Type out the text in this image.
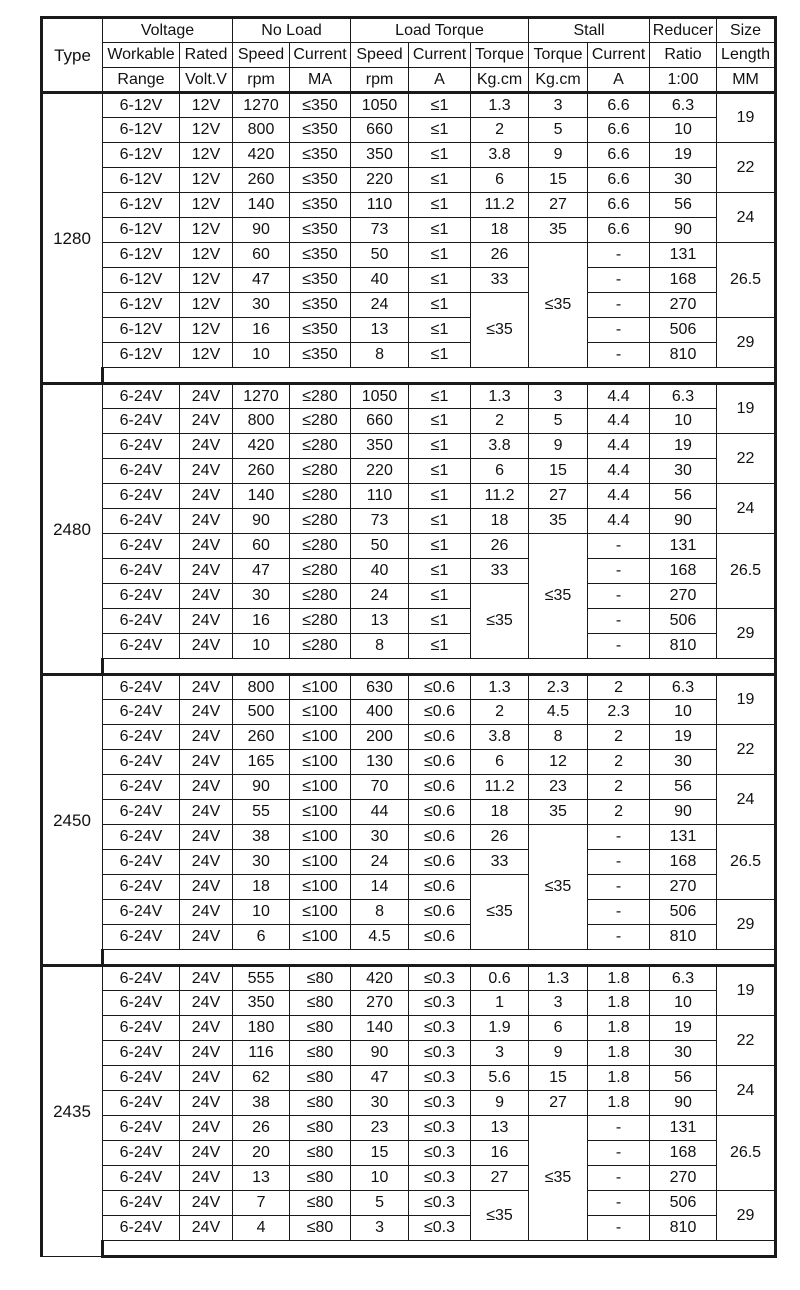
Type	Voltage		No Load		Load Torque			Stall		Reducer	Size
	Workable	Rated	Speed	Current	Speed	Current	Torque	Torque	Current	Ratio	Length
	Range	Volt.V	rpm	MA	rpm	A	Kg.cm	Kg.cm	A	1:00	MM
1280	6-12V	12V	1270	≤350	1050	≤1	1.3	3	6.6	6.3	19
	6-12V	12V	800	≤350	660	≤1	2	5	6.6	10	
	6-12V	12V	420	≤350	350	≤1	3.8	9	6.6	19	22
	6-12V	12V	260	≤350	220	≤1	6	15	6.6	30	
	6-12V	12V	140	≤350	110	≤1	11.2	27	6.6	56	24
	6-12V	12V	90	≤350	73	≤1	18	35	6.6	90	
	6-12V	12V	60	≤350	50	≤1	26	≤35	-	131	26.5
	6-12V	12V	47	≤350	40	≤1	33		-	168	
	6-12V	12V	30	≤350	24	≤1	≤35		-	270	
	6-12V	12V	16	≤350	13	≤1			-	506	29
	6-12V	12V	10	≤350	8	≤1			-	810	

2480	6-24V	24V	1270	≤280	1050	≤1	1.3	3	4.4	6.3	19
	6-24V	24V	800	≤280	660	≤1	2	5	4.4	10	
	6-24V	24V	420	≤280	350	≤1	3.8	9	4.4	19	22
	6-24V	24V	260	≤280	220	≤1	6	15	4.4	30	
	6-24V	24V	140	≤280	110	≤1	11.2	27	4.4	56	24
	6-24V	24V	90	≤280	73	≤1	18	35	4.4	90	
	6-24V	24V	60	≤280	50	≤1	26	≤35	-	131	26.5
	6-24V	24V	47	≤280	40	≤1	33		-	168	
	6-24V	24V	30	≤280	24	≤1	≤35		-	270	
	6-24V	24V	16	≤280	13	≤1			-	506	29
	6-24V	24V	10	≤280	8	≤1			-	810	

2450	6-24V	24V	800	≤100	630	≤0.6	1.3	2.3	2	6.3	19
	6-24V	24V	500	≤100	400	≤0.6	2	4.5	2.3	10	
	6-24V	24V	260	≤100	200	≤0.6	3.8	8	2	19	22
	6-24V	24V	165	≤100	130	≤0.6	6	12	2	30	
	6-24V	24V	90	≤100	70	≤0.6	11.2	23	2	56	24
	6-24V	24V	55	≤100	44	≤0.6	18	35	2	90	
	6-24V	24V	38	≤100	30	≤0.6	26	≤35	-	131	26.5
	6-24V	24V	30	≤100	24	≤0.6	33		-	168	
	6-24V	24V	18	≤100	14	≤0.6	≤35		-	270	
	6-24V	24V	10	≤100	8	≤0.6			-	506	29
	6-24V	24V	6	≤100	4.5	≤0.6			-	810	

2435	6-24V	24V	555	≤80	420	≤0.3	0.6	1.3	1.8	6.3	19
	6-24V	24V	350	≤80	270	≤0.3	1	3	1.8	10	
	6-24V	24V	180	≤80	140	≤0.3	1.9	6	1.8	19	22
	6-24V	24V	116	≤80	90	≤0.3	3	9	1.8	30	
	6-24V	24V	62	≤80	47	≤0.3	5.6	15	1.8	56	24
	6-24V	24V	38	≤80	30	≤0.3	9	27	1.8	90	
	6-24V	24V	26	≤80	23	≤0.3	13	≤35	-	131	26.5
	6-24V	24V	20	≤80	15	≤0.3	16		-	168	
	6-24V	24V	13	≤80	10	≤0.3	27		-	270	
	6-24V	24V	7	≤80	5	≤0.3	≤35		-	506	29
	6-24V	24V	4	≤80	3	≤0.3			-	810	
